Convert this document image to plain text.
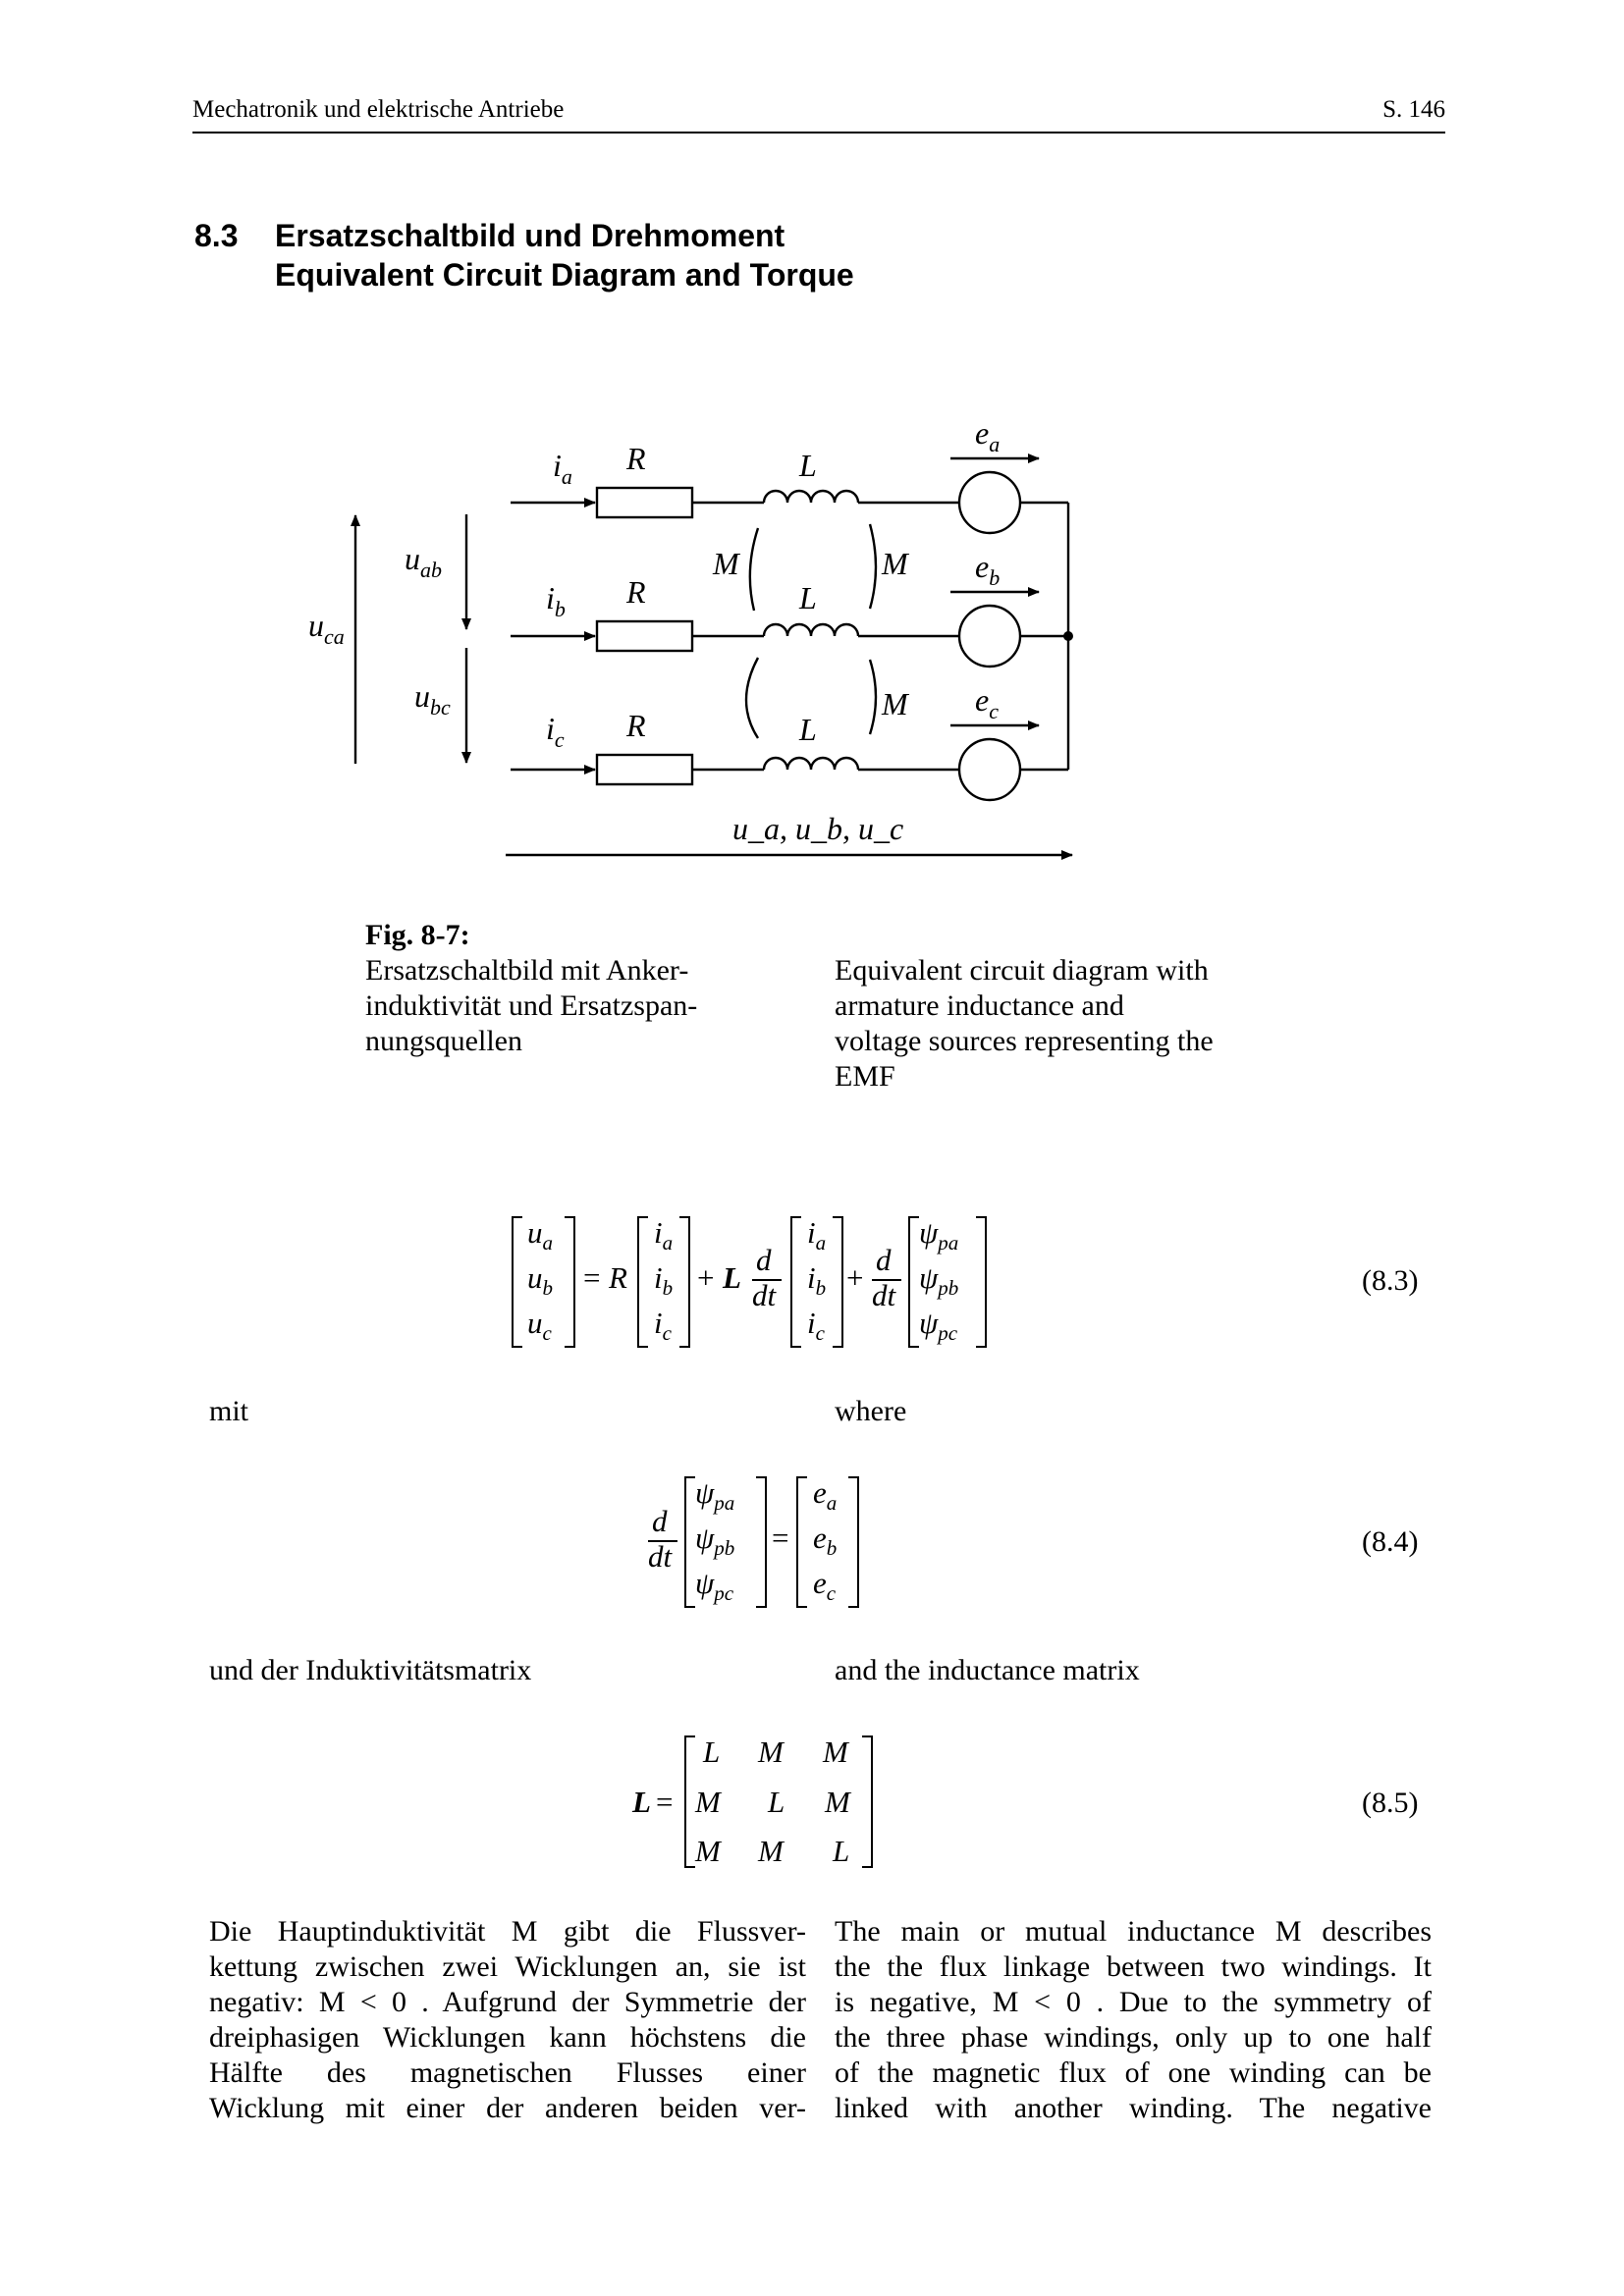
Mechatronik und elektrische Antriebe	S. 146
8.3 Ersatzschaltbild und Drehmoment
Equivalent Circuit Diagram and Torque
$i_a$
$i_b$
$i_c$
R
R
R
L
L
L
M	M
M
$e_a$
$e_b$
$e_c$
$u_{ab}$
$u_{bc}$
$u_{ca}$
u_a, u_b, u_c
$u_a$
$u_b$
$u_c$
= R
$i_a$
$i_b$
$i_c$
+ L
d
dt
$i_a$
$i_b$
$i_c$
+
d
dt
$\psi_{pa}$
$\psi_{pb}$
$\psi_{pc}$
d
dt
$\psi_{pa}$
$\psi_{pb}$
$\psi_{pc}$
=
$e_a$
$e_b$
$e_c$
L =
L M M
M L M
M M L
Fig. 8-7:
Ersatzschaltbild mit Anker-
induktivität und Ersatzspan-
nungsquellen
Equivalent circuit diagram with
armature inductance and
voltage sources representing the
EMF
(8.3)
(8.4)
(8.5)
mit	where
und der Induktivitätsmatrix	and the inductance matrix
Die Hauptinduktivität M gibt die Flussver-
kettung zwischen zwei Wicklungen an, sie ist
negativ: M < 0 . Aufgrund der Symmetrie der
dreiphasigen Wicklungen kann höchstens die
Hälfte des magnetischen Flusses einer
Wicklung mit einer der anderen beiden ver-
The main or mutual inductance M describes
the the flux linkage between two windings. It
is negative, M < 0 . Due to the symmetry of
the three phase windings, only up to one half
of the magnetic flux of one winding can be
linked with another winding. The negative
